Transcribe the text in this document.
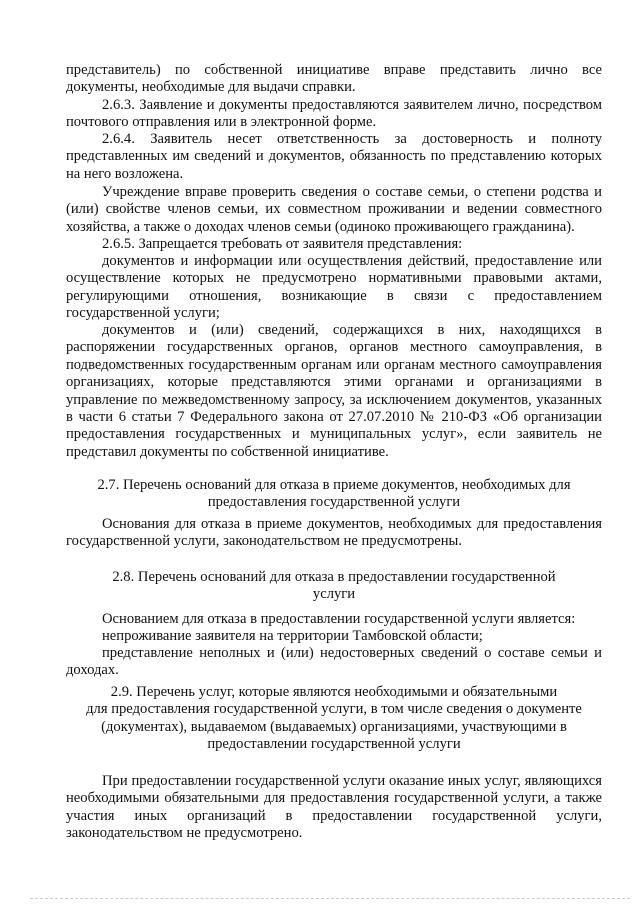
представитель) по собственной инициативе вправе представить лично все документы, необходимые для выдачи справки.

2.6.3. Заявление и документы предоставляются заявителем лично, посредством почтового отправления или в электронной форме.

2.6.4. Заявитель несет ответственность за достоверность и полноту представленных им сведений и документов, обязанность по представлению которых на него возложена.

Учреждение вправе проверить сведения о составе семьи, о степени родства и (или) свойстве членов семьи, их совместном проживании и ведении совместного хозяйства, а также о доходах членов семьи (одиноко проживающего гражданина).

2.6.5. Запрещается требовать от заявителя представления:

документов и информации или осуществления действий, предоставление или осуществление которых не предусмотрено нормативными правовыми актами, регулирующими отношения, возникающие в связи с предоставлением государственной услуги;

документов и (или) сведений, содержащихся в них, находящихся в распоряжении государственных органов, органов местного самоуправления, в подведомственных государственным органам или органам местного самоуправления организациях, которые представляются этими органами и организациями в управление по межведомственному запросу, за исключением документов, указанных в части 6 статьи 7 Федерального закона от 27.07.2010 № 210-ФЗ «Об организации предоставления государственных и муниципальных услуг», если заявитель не представил документы по собственной инициативе.

2.7. Перечень оснований для отказа в приеме документов, необходимых для
предоставления государственной услуги

Основания для отказа в приеме документов, необходимых для предоставления государственной услуги, законодательством не предусмотрены.

2.8. Перечень оснований для отказа в предоставлении государственной
услуги

Основанием для отказа в предоставлении государственной услуги является:

непроживание заявителя на территории Тамбовской области;

представление неполных и (или) недостоверных сведений о составе семьи и доходах.

2.9. Перечень услуг, которые являются необходимыми и обязательными
для предоставления государственной услуги, в том числе сведения о документе
(документах), выдаваемом (выдаваемых) организациями, участвующими в
предоставлении государственной услуги

При предоставлении государственной услуги оказание иных услуг, являющихся необходимыми обязательными для предоставления государственной услуги, а также участия иных организаций в предоставлении государственной услуги, законодательством не предусмотрено.
